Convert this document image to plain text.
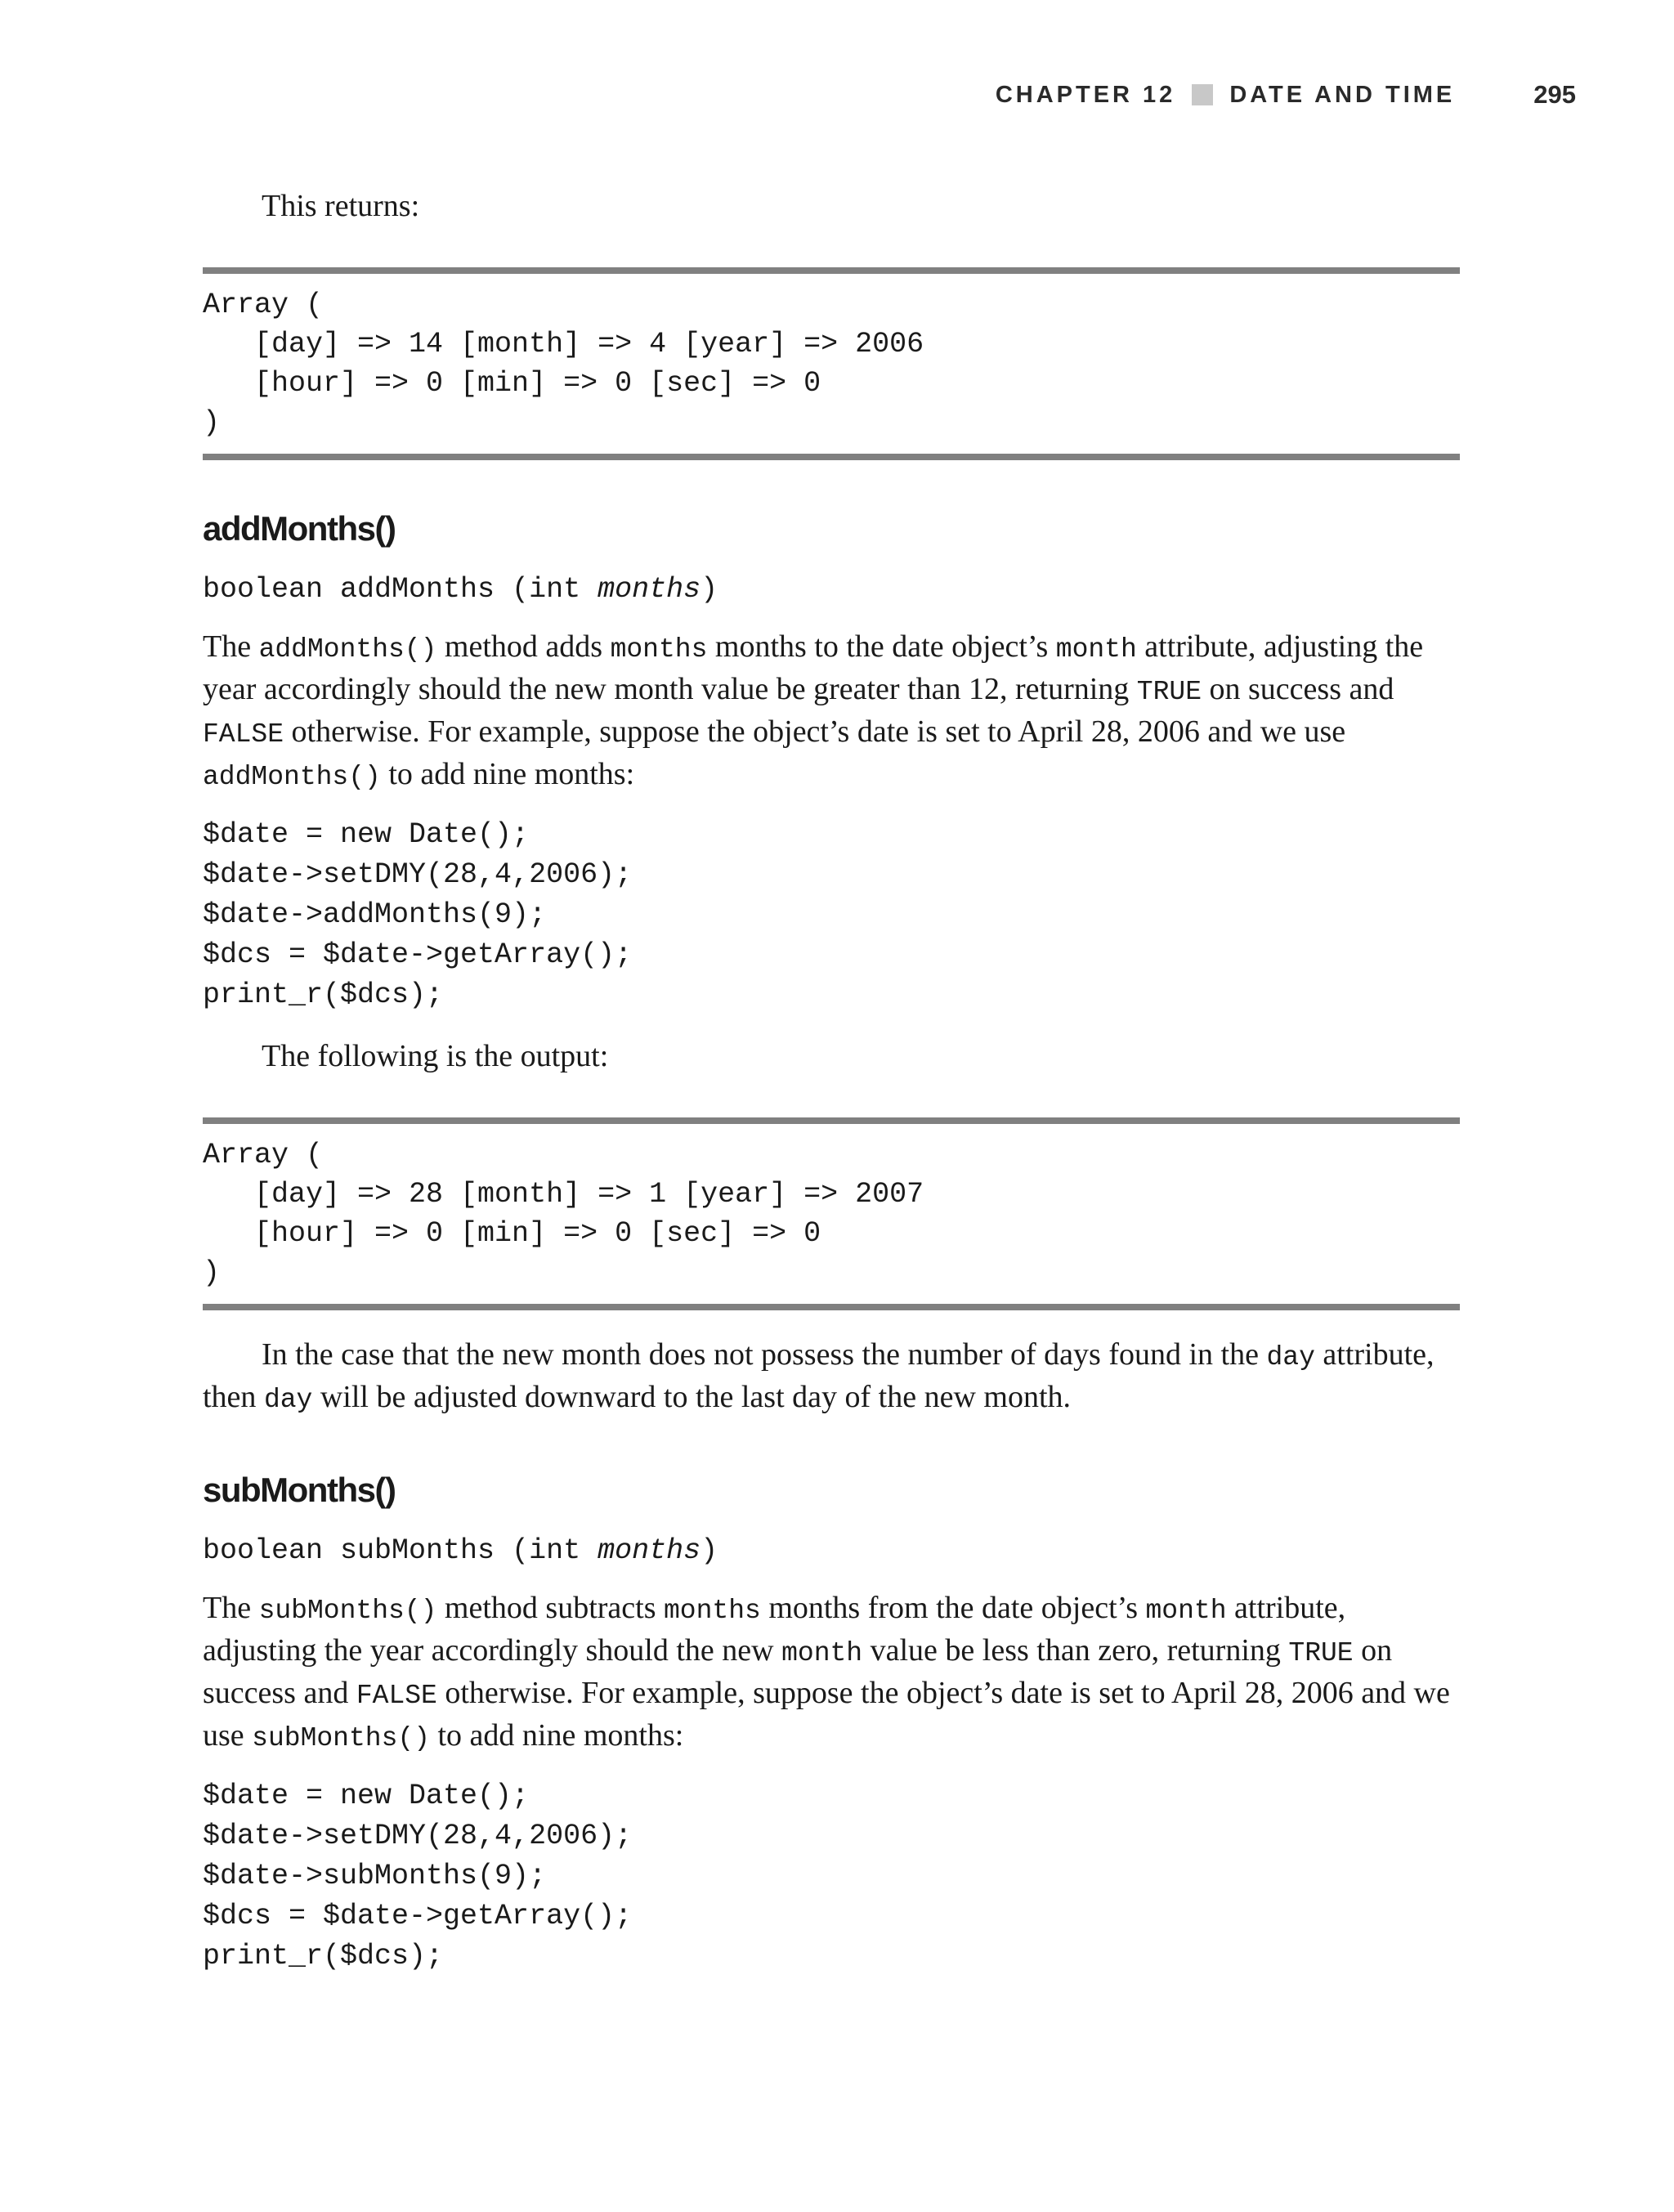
CHAPTER 12 DATE AND TIME	295

This returns:

Array (
[day] => 14 [month] => 4 [year] => 2006
[hour] => 0 [min] => 0 [sec] => 0
)
addMonths()

boolean addMonths (int months)

The addMonths() method adds months months to the date object’s month attribute, adjusting the year accordingly should the new month value be greater than 12, returning TRUE on success and FALSE otherwise. For example, suppose the object’s date is set to April 28, 2006 and we use addMonths() to add nine months:

$date = new Date();
$date->setDMY(28,4,2006);
$date->addMonths(9);
$dcs = $date->getArray();
print_r($dcs);

The following is the output:

Array (
[day] => 28 [month] => 1 [year] => 2007
[hour] => 0 [min] => 0 [sec] => 0
)

In the case that the new month does not possess the number of days found in the day attribute, then day will be adjusted downward to the last day of the new month.

subMonths()

boolean subMonths (int months)

The subMonths() method subtracts months months from the date object’s month attribute, adjusting the year accordingly should the new month value be less than zero, returning TRUE on success and FALSE otherwise. For example, suppose the object’s date is set to April 28, 2006 and we use subMonths() to add nine months:

$date = new Date();
$date->setDMY(28,4,2006);
$date->subMonths(9);
$dcs = $date->getArray();
print_r($dcs);
